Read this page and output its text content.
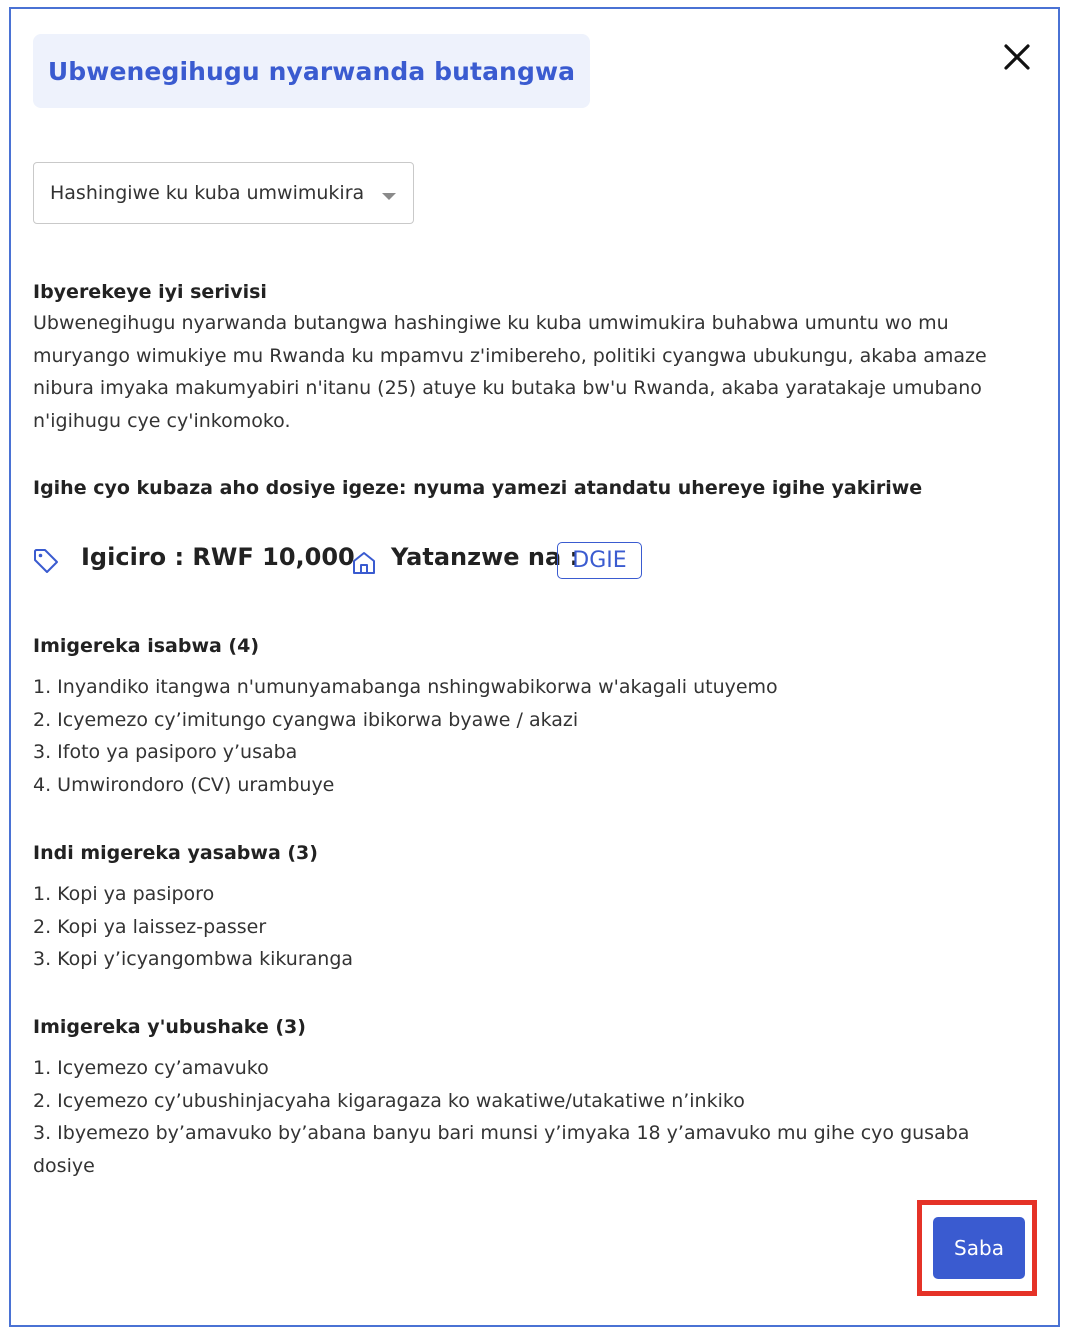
Ubwenegihugu nyarwanda butangwa
Hashingiwe ku kuba umwimukira
Ibyerekeye iyi serivisi
Ubwenegihugu nyarwanda butangwa hashingiwe ku kuba umwimukira buhabwa umuntu wo mu muryango wimukiye mu Rwanda ku mpamvu z'imibereho, politiki cyangwa ubukungu, akaba amaze nibura imyaka makumyabiri n'itanu (25) atuye ku butaka bw'u Rwanda, akaba yaratakaje umubano n'igihugu cye cy'inkomoko.
Igihe cyo kubaza aho dosiye igeze: nyuma yamezi atandatu uhereye igihe yakiriwe
Igiciro : RWF 10,000 Yatanzwe na :
DGIE
Imigereka isabwa (4)
1. Inyandiko itangwa n'umunyamabanga nshingwabikorwa w'akagali utuyemo
2. Icyemezo cy’imitungo cyangwa ibikorwa byawe / akazi
3. Ifoto ya pasiporo y’usaba
4. Umwirondoro (CV) urambuye
Indi migereka yasabwa (3)
1. Kopi ya pasiporo
2. Kopi ya laissez-passer
3. Kopi y’icyangombwa kikuranga
Imigereka y'ubushake (3)
1. Icyemezo cy’amavuko
2. Icyemezo cy’ubushinjacyaha kigaragaza ko wakatiwe/utakatiwe n’inkiko
3. Ibyemezo by’amavuko by’abana banyu bari munsi y’imyaka 18 y’amavuko mu gihe cyo gusaba dosiye
Saba
